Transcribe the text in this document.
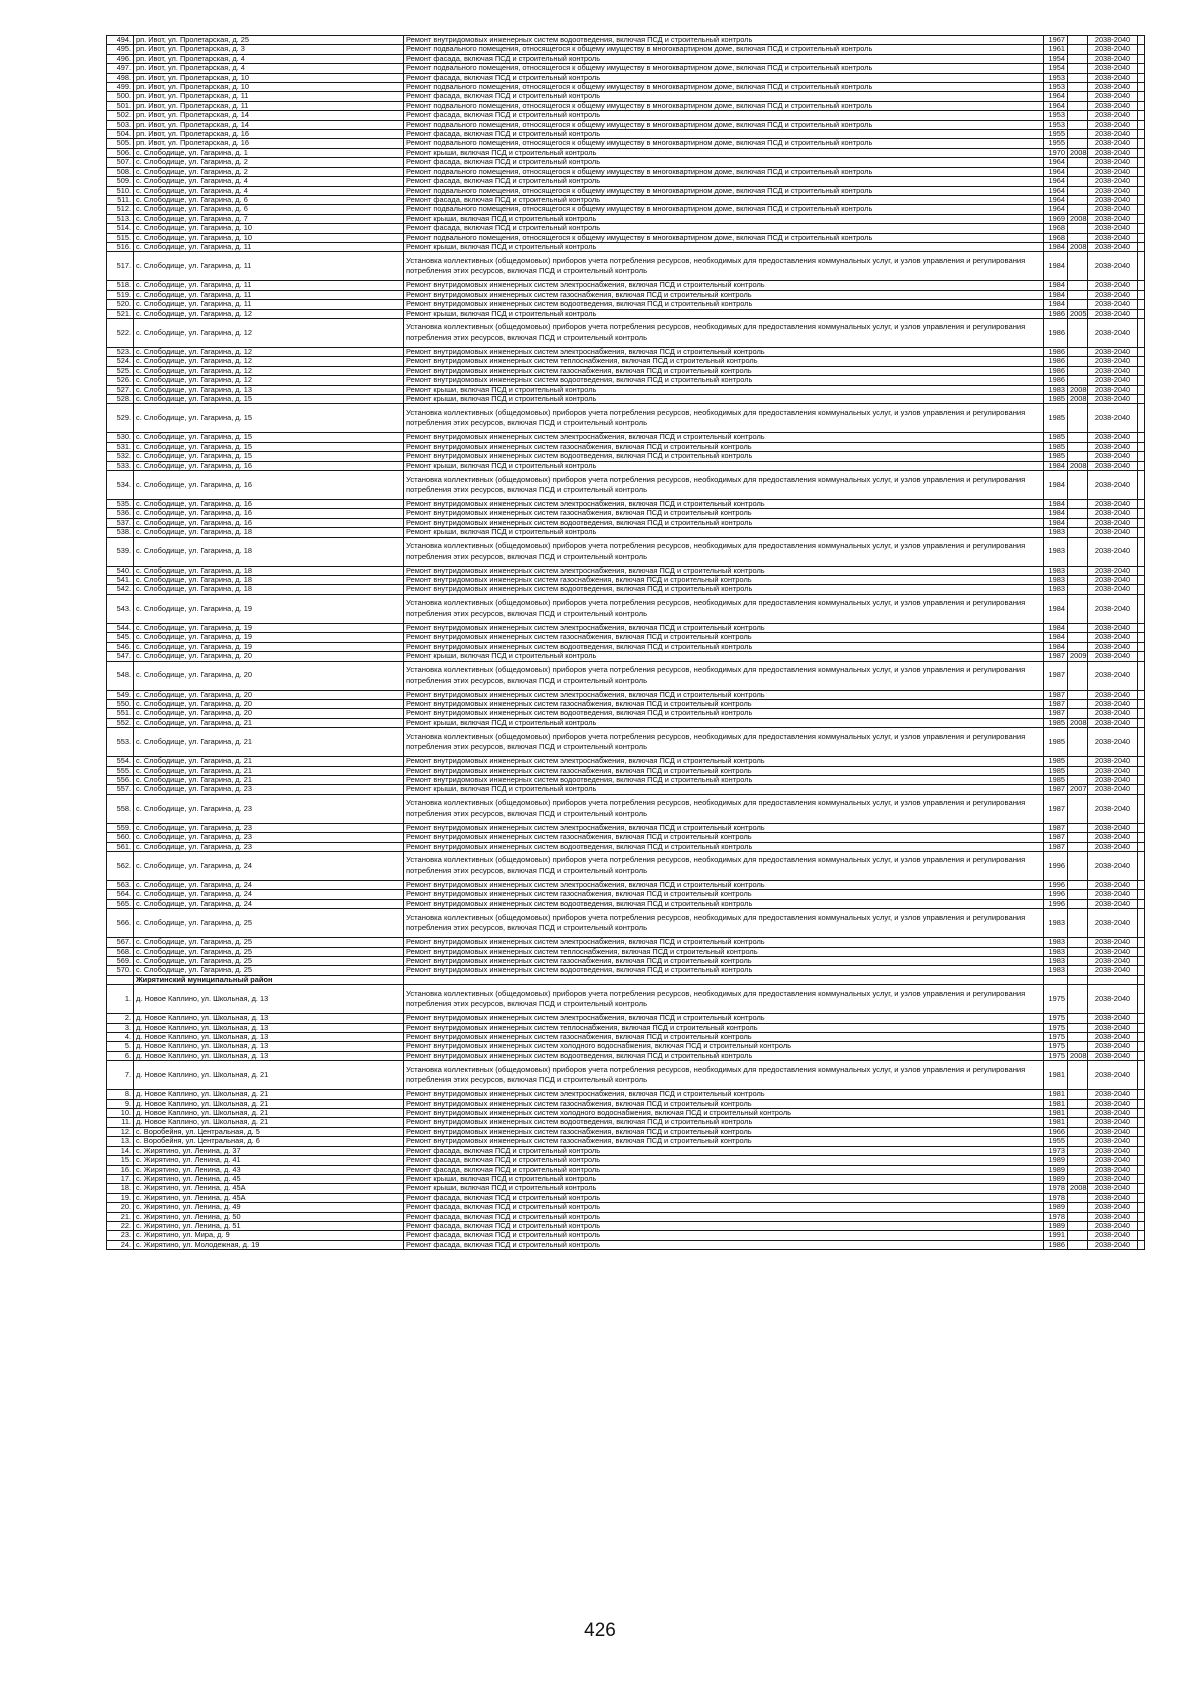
494.	рп. Ивот, ул. Пролетарская, д. 25	Ремонт внутридомовых инженерных систем водоотведения, включая ПСД и строительный контроль	1967		2038-2040	
495.	рп. Ивот, ул. Пролетарская, д. 3	Ремонт подвального помещения, относящегося к общему имуществу в многоквартирном доме, включая ПСД и строительный контроль	1961		2038-2040	
496.	рп. Ивот, ул. Пролетарская, д. 4	Ремонт фасада, включая ПСД и строительный контроль	1954		2038-2040	
497.	рп. Ивот, ул. Пролетарская, д. 4	Ремонт подвального помещения, относящегося к общему имуществу в многоквартирном доме, включая ПСД и строительный контроль	1954		2038-2040	
498.	рп. Ивот, ул. Пролетарская, д. 10	Ремонт фасада, включая ПСД и строительный контроль	1953		2038-2040	
499.	рп. Ивот, ул. Пролетарская, д. 10	Ремонт подвального помещения, относящегося к общему имуществу в многоквартирном доме, включая ПСД и строительный контроль	1953		2038-2040	
500.	рп. Ивот, ул. Пролетарская, д. 11	Ремонт фасада, включая ПСД и строительный контроль	1964		2038-2040	
501.	рп. Ивот, ул. Пролетарская, д. 11	Ремонт подвального помещения, относящегося к общему имуществу в многоквартирном доме, включая ПСД и строительный контроль	1964		2038-2040	
502.	рп. Ивот, ул. Пролетарская, д. 14	Ремонт фасада, включая ПСД и строительный контроль	1953		2038-2040	
503.	рп. Ивот, ул. Пролетарская, д. 14	Ремонт подвального помещения, относящегося к общему имуществу в многоквартирном доме, включая ПСД и строительный контроль	1953		2038-2040	
504.	рп. Ивот, ул. Пролетарская, д. 16	Ремонт фасада, включая ПСД и строительный контроль	1955		2038-2040	
505.	рп. Ивот, ул. Пролетарская, д. 16	Ремонт подвального помещения, относящегося к общему имуществу в многоквартирном доме, включая ПСД и строительный контроль	1955		2038-2040	
506.	с. Слободище, ул. Гагарина, д. 1	Ремонт крыши, включая ПСД и строительный контроль	1970	2008	2038-2040	
507.	с. Слободище, ул. Гагарина, д. 2	Ремонт фасада, включая ПСД и строительный контроль	1964		2038-2040	
508.	с. Слободище, ул. Гагарина, д. 2	Ремонт подвального помещения, относящегося к общему имуществу в многоквартирном доме, включая ПСД и строительный контроль	1964		2038-2040	
509.	с. Слободище, ул. Гагарина, д. 4	Ремонт фасада, включая ПСД и строительный контроль	1964		2038-2040	
510.	с. Слободище, ул. Гагарина, д. 4	Ремонт подвального помещения, относящегося к общему имуществу в многоквартирном доме, включая ПСД и строительный контроль	1964		2038-2040	
511.	с. Слободище, ул. Гагарина, д. 6	Ремонт фасада, включая ПСД и строительный контроль	1964		2038-2040	
512.	с. Слободище, ул. Гагарина, д. 6	Ремонт подвального помещения, относящегося к общему имуществу в многоквартирном доме, включая ПСД и строительный контроль	1964		2038-2040	
513.	с. Слободище, ул. Гагарина, д. 7	Ремонт крыши, включая ПСД и строительный контроль	1969	2008	2038-2040	
514.	с. Слободище, ул. Гагарина, д. 10	Ремонт фасада, включая ПСД и строительный контроль	1968		2038-2040	
515.	с. Слободище, ул. Гагарина, д. 10	Ремонт подвального помещения, относящегося к общему имуществу в многоквартирном доме, включая ПСД и строительный контроль	1968		2038-2040	
516.	с. Слободище, ул. Гагарина, д. 11	Ремонт крыши, включая ПСД и строительный контроль	1984	2008	2038-2040	
517.	с. Слободище, ул. Гагарина, д. 11	Установка коллективных (общедомовых) приборов учета потребления ресурсов, необходимых для предоставления коммунальных услуг, и узлов управления и регулирования потребления этих ресурсов, включая ПСД и строительный контроль	1984		2038-2040	
518.	с. Слободище, ул. Гагарина, д. 11	Ремонт внутридомовых инженерных систем электроснабжения, включая ПСД и строительный контроль	1984		2038-2040	
519.	с. Слободище, ул. Гагарина, д. 11	Ремонт внутридомовых инженерных систем газоснабжения, включая ПСД и строительный контроль	1984		2038-2040	
520.	с. Слободище, ул. Гагарина, д. 11	Ремонт внутридомовых инженерных систем водоотведения, включая ПСД и строительный контроль	1984		2038-2040	
521.	с. Слободище, ул. Гагарина, д. 12	Ремонт крыши, включая ПСД и строительный контроль	1986	2005	2038-2040	
522.	с. Слободище, ул. Гагарина, д. 12	Установка коллективных (общедомовых) приборов учета потребления ресурсов, необходимых для предоставления коммунальных услуг, и узлов управления и регулирования потребления этих ресурсов, включая ПСД и строительный контроль	1986		2038-2040	
523.	с. Слободище, ул. Гагарина, д. 12	Ремонт внутридомовых инженерных систем электроснабжения, включая ПСД и строительный контроль	1986		2038-2040	
524.	с. Слободище, ул. Гагарина, д. 12	Ремонт внутридомовых инженерных систем теплоснабжения, включая ПСД и строительный контроль	1986		2038-2040	
525.	с. Слободище, ул. Гагарина, д. 12	Ремонт внутридомовых инженерных систем газоснабжения, включая ПСД и строительный контроль	1986		2038-2040	
526.	с. Слободище, ул. Гагарина, д. 12	Ремонт внутридомовых инженерных систем водоотведения, включая ПСД и строительный контроль	1986		2038-2040	
527.	с. Слободище, ул. Гагарина, д. 13	Ремонт крыши, включая ПСД и строительный контроль	1983	2008	2038-2040	
528.	с. Слободище, ул. Гагарина, д. 15	Ремонт крыши, включая ПСД и строительный контроль	1985	2008	2038-2040	
529.	с. Слободище, ул. Гагарина, д. 15	Установка коллективных (общедомовых) приборов учета потребления ресурсов, необходимых для предоставления коммунальных услуг, и узлов управления и регулирования потребления этих ресурсов, включая ПСД и строительный контроль	1985		2038-2040	
530.	с. Слободище, ул. Гагарина, д. 15	Ремонт внутридомовых инженерных систем электроснабжения, включая ПСД и строительный контроль	1985		2038-2040	
531.	с. Слободище, ул. Гагарина, д. 15	Ремонт внутридомовых инженерных систем газоснабжения, включая ПСД и строительный контроль	1985		2038-2040	
532.	с. Слободище, ул. Гагарина, д. 15	Ремонт внутридомовых инженерных систем водоотведения, включая ПСД и строительный контроль	1985		2038-2040	
533.	с. Слободище, ул. Гагарина, д. 16	Ремонт крыши, включая ПСД и строительный контроль	1984	2008	2038-2040	
534.	с. Слободище, ул. Гагарина, д. 16	Установка коллективных (общедомовых) приборов учета потребления ресурсов, необходимых для предоставления коммунальных услуг, и узлов управления и регулирования потребления этих ресурсов, включая ПСД и строительный контроль	1984		2038-2040	
535.	с. Слободище, ул. Гагарина, д. 16	Ремонт внутридомовых инженерных систем электроснабжения, включая ПСД и строительный контроль	1984		2038-2040	
536.	с. Слободище, ул. Гагарина, д. 16	Ремонт внутридомовых инженерных систем газоснабжения, включая ПСД и строительный контроль	1984		2038-2040	
537.	с. Слободище, ул. Гагарина, д. 16	Ремонт внутридомовых инженерных систем водоотведения, включая ПСД и строительный контроль	1984		2038-2040	
538.	с. Слободище, ул. Гагарина, д. 18	Ремонт крыши, включая ПСД и строительный контроль	1983		2038-2040	
539.	с. Слободище, ул. Гагарина, д. 18	Установка коллективных (общедомовых) приборов учета потребления ресурсов, необходимых для предоставления коммунальных услуг, и узлов управления и регулирования потребления этих ресурсов, включая ПСД и строительный контроль	1983		2038-2040	
540.	с. Слободище, ул. Гагарина, д. 18	Ремонт внутридомовых инженерных систем электроснабжения, включая ПСД и строительный контроль	1983		2038-2040	
541.	с. Слободище, ул. Гагарина, д. 18	Ремонт внутридомовых инженерных систем газоснабжения, включая ПСД и строительный контроль	1983		2038-2040	
542.	с. Слободище, ул. Гагарина, д. 18	Ремонт внутридомовых инженерных систем водоотведения, включая ПСД и строительный контроль	1983		2038-2040	
543.	с. Слободище, ул. Гагарина, д. 19	Установка коллективных (общедомовых) приборов учета потребления ресурсов, необходимых для предоставления коммунальных услуг, и узлов управления и регулирования потребления этих ресурсов, включая ПСД и строительный контроль	1984		2038-2040	
544.	с. Слободище, ул. Гагарина, д. 19	Ремонт внутридомовых инженерных систем электроснабжения, включая ПСД и строительный контроль	1984		2038-2040	
545.	с. Слободище, ул. Гагарина, д. 19	Ремонт внутридомовых инженерных систем газоснабжения, включая ПСД и строительный контроль	1984		2038-2040	
546.	с. Слободище, ул. Гагарина, д. 19	Ремонт внутридомовых инженерных систем водоотведения, включая ПСД и строительный контроль	1984		2038-2040	
547.	с. Слободище, ул. Гагарина, д. 20	Ремонт крыши, включая ПСД и строительный контроль	1987	2009	2038-2040	
548.	с. Слободище, ул. Гагарина, д. 20	Установка коллективных (общедомовых) приборов учета потребления ресурсов, необходимых для предоставления коммунальных услуг, и узлов управления и регулирования потребления этих ресурсов, включая ПСД и строительный контроль	1987		2038-2040	
549.	с. Слободище, ул. Гагарина, д. 20	Ремонт внутридомовых инженерных систем электроснабжения, включая ПСД и строительный контроль	1987		2038-2040	
550.	с. Слободище, ул. Гагарина, д. 20	Ремонт внутридомовых инженерных систем газоснабжения, включая ПСД и строительный контроль	1987		2038-2040	
551.	с. Слободище, ул. Гагарина, д. 20	Ремонт внутридомовых инженерных систем водоотведения, включая ПСД и строительный контроль	1987		2038-2040	
552.	с. Слободище, ул. Гагарина, д. 21	Ремонт крыши, включая ПСД и строительный контроль	1985	2008	2038-2040	
553.	с. Слободище, ул. Гагарина, д. 21	Установка коллективных (общедомовых) приборов учета потребления ресурсов, необходимых для предоставления коммунальных услуг, и узлов управления и регулирования потребления этих ресурсов, включая ПСД и строительный контроль	1985		2038-2040	
554.	с. Слободище, ул. Гагарина, д. 21	Ремонт внутридомовых инженерных систем электроснабжения, включая ПСД и строительный контроль	1985		2038-2040	
555.	с. Слободище, ул. Гагарина, д. 21	Ремонт внутридомовых инженерных систем газоснабжения, включая ПСД и строительный контроль	1985		2038-2040	
556.	с. Слободище, ул. Гагарина, д. 21	Ремонт внутридомовых инженерных систем водоотведения, включая ПСД и строительный контроль	1985		2038-2040	
557.	с. Слободище, ул. Гагарина, д. 23	Ремонт крыши, включая ПСД и строительный контроль	1987	2007	2038-2040	
558.	с. Слободище, ул. Гагарина, д. 23	Установка коллективных (общедомовых) приборов учета потребления ресурсов, необходимых для предоставления коммунальных услуг, и узлов управления и регулирования потребления этих ресурсов, включая ПСД и строительный контроль	1987		2038-2040	
559.	с. Слободище, ул. Гагарина, д. 23	Ремонт внутридомовых инженерных систем электроснабжения, включая ПСД и строительный контроль	1987		2038-2040	
560.	с. Слободище, ул. Гагарина, д. 23	Ремонт внутридомовых инженерных систем газоснабжения, включая ПСД и строительный контроль	1987		2038-2040	
561.	с. Слободище, ул. Гагарина, д. 23	Ремонт внутридомовых инженерных систем водоотведения, включая ПСД и строительный контроль	1987		2038-2040	
562.	с. Слободище, ул. Гагарина, д. 24	Установка коллективных (общедомовых) приборов учета потребления ресурсов, необходимых для предоставления коммунальных услуг, и узлов управления и регулирования потребления этих ресурсов, включая ПСД и строительный контроль	1996		2038-2040	
563.	с. Слободище, ул. Гагарина, д. 24	Ремонт внутридомовых инженерных систем электроснабжения, включая ПСД и строительный контроль	1996		2038-2040	
564.	с. Слободище, ул. Гагарина, д. 24	Ремонт внутридомовых инженерных систем газоснабжения, включая ПСД и строительный контроль	1996		2038-2040	
565.	с. Слободище, ул. Гагарина, д. 24	Ремонт внутридомовых инженерных систем водоотведения, включая ПСД и строительный контроль	1996		2038-2040	
566.	с. Слободище, ул. Гагарина, д. 25	Установка коллективных (общедомовых) приборов учета потребления ресурсов, необходимых для предоставления коммунальных услуг, и узлов управления и регулирования потребления этих ресурсов, включая ПСД и строительный контроль	1983		2038-2040	
567.	с. Слободище, ул. Гагарина, д. 25	Ремонт внутридомовых инженерных систем электроснабжения, включая ПСД и строительный контроль	1983		2038-2040	
568.	с. Слободище, ул. Гагарина, д. 25	Ремонт внутридомовых инженерных систем теплоснабжения, включая ПСД и строительный контроль	1983		2038-2040	
569.	с. Слободище, ул. Гагарина, д. 25	Ремонт внутридомовых инженерных систем газоснабжения, включая ПСД и строительный контроль	1983		2038-2040	
570.	с. Слободище, ул. Гагарина, д. 25	Ремонт внутридомовых инженерных систем водоотведения, включая ПСД и строительный контроль	1983		2038-2040	
	Жирятинский муниципальный район					
1.	д. Новое Каплино, ул. Школьная, д. 13	Установка коллективных (общедомовых) приборов учета потребления ресурсов, необходимых для предоставления коммунальных услуг, и узлов управления и регулирования потребления этих ресурсов, включая ПСД и строительный контроль	1975		2038-2040	
2.	д. Новое Каплино, ул. Школьная, д. 13	Ремонт внутридомовых инженерных систем электроснабжения, включая ПСД и строительный контроль	1975		2038-2040	
3.	д. Новое Каплино, ул. Школьная, д. 13	Ремонт внутридомовых инженерных систем теплоснабжения, включая ПСД и строительный контроль	1975		2038-2040	
4.	д. Новое Каплино, ул. Школьная, д. 13	Ремонт внутридомовых инженерных систем газоснабжения, включая ПСД и строительный контроль	1975		2038-2040	
5.	д. Новое Каплино, ул. Школьная, д. 13	Ремонт внутридомовых инженерных систем холодного водоснабжения, включая ПСД и строительный контроль	1975		2038-2040	
6.	д. Новое Каплино, ул. Школьная, д. 13	Ремонт внутридомовых инженерных систем водоотведения, включая ПСД и строительный контроль	1975	2008	2038-2040	
7.	д. Новое Каплино, ул. Школьная, д. 21	Установка коллективных (общедомовых) приборов учета потребления ресурсов, необходимых для предоставления коммунальных услуг, и узлов управления и регулирования потребления этих ресурсов, включая ПСД и строительный контроль	1981		2038-2040	
8.	д. Новое Каплино, ул. Школьная, д. 21	Ремонт внутридомовых инженерных систем электроснабжения, включая ПСД и строительный контроль	1981		2038-2040	
9.	д. Новое Каплино, ул. Школьная, д. 21	Ремонт внутридомовых инженерных систем газоснабжения, включая ПСД и строительный контроль	1981		2038-2040	
10.	д. Новое Каплино, ул. Школьная, д. 21	Ремонт внутридомовых инженерных систем холодного водоснабжения, включая ПСД и строительный контроль	1981		2038-2040	
11.	д. Новое Каплино, ул. Школьная, д. 21	Ремонт внутридомовых инженерных систем водоотведения, включая ПСД и строительный контроль	1981		2038-2040	
12.	с. Воробейня, ул. Центральная, д. 5	Ремонт внутридомовых инженерных систем газоснабжения, включая ПСД и строительный контроль	1966		2038-2040	
13.	с. Воробейня, ул. Центральная, д. 6	Ремонт внутридомовых инженерных систем газоснабжения, включая ПСД и строительный контроль	1955		2038-2040	
14.	с. Жирятино, ул. Ленина, д. 37	Ремонт фасада, включая ПСД и строительный контроль	1973		2038-2040	
15.	с. Жирятино, ул. Ленина, д. 41	Ремонт фасада, включая ПСД и строительный контроль	1989		2038-2040	
16.	с. Жирятино, ул. Ленина, д. 43	Ремонт фасада, включая ПСД и строительный контроль	1989		2038-2040	
17.	с. Жирятино, ул. Ленина, д. 45	Ремонт крыши, включая ПСД и строительный контроль	1989		2038-2040	
18.	с. Жирятино, ул. Ленина, д. 45А	Ремонт крыши, включая ПСД и строительный контроль	1978	2008	2038-2040	
19.	с. Жирятино, ул. Ленина, д. 45А	Ремонт фасада, включая ПСД и строительный контроль	1978		2038-2040	
20.	с. Жирятино, ул. Ленина, д. 49	Ремонт фасада, включая ПСД и строительный контроль	1989		2038-2040	
21.	с. Жирятино, ул. Ленина, д. 50	Ремонт фасада, включая ПСД и строительный контроль	1978		2038-2040	
22.	с. Жирятино, ул. Ленина, д. 51	Ремонт фасада, включая ПСД и строительный контроль	1989		2038-2040	
23.	с. Жирятино, ул. Мира, д. 9	Ремонт фасада, включая ПСД и строительный контроль	1991		2038-2040	
24.	с. Жирятино, ул. Молодежная, д. 19	Ремонт фасада, включая ПСД и строительный контроль	1986		2038-2040	
426
